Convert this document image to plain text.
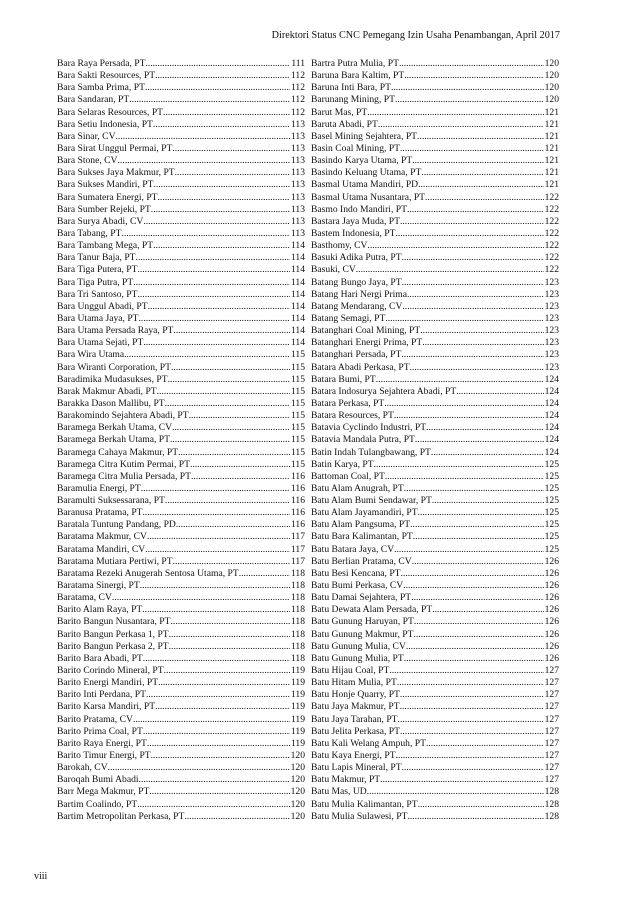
Direktori Status CNC Pemegang Izin Usaha Penambangan, April 2017
Bara Raya Persada, PT .....	111
Bara Sakti Resources, PT .....	112
Bara Samba Prima, PT .....	112
Bara Sandaran, PT .....	112
Bara Selaras Resources, PT .....	112
Bara Setiu Indonesia, PT .....	113
Bara Sinar, CV .....	113
Bara Sirat Unggul Permai, PT .....	113
Bara Stone, CV .....	113
Bara Sukses Jaya Makmur, PT .....	113
Bara Sukses Mandiri, PT .....	113
Bara Sumatera Energi, PT .....	113
Bara Sumber Rejeki, PT .....	113
Bara Surya Abadi, CV .....	113
Bara Tabang, PT .....	113
Bara Tambang Mega, PT .....	114
Bara Tanur Baja, PT .....	114
Bara Tiga Putera, PT .....	114
Bara Tiga Putra, PT .....	114
Bara Tri Santoso, PT .....	114
Bara Unggul Abadi, PT .....	114
Bara Utama Jaya, PT .....	114
Bara Utama Persada Raya, PT .....	114
Bara Utama Sejati, PT .....	114
Bara Wira Utama .....	115
Bara Wiranti Corporation, PT .....	115
Baradimika Mudasukses, PT .....	115
Barak Makmur Abadi, PT .....	115
Barakka Dason Mallibu, PT .....	115
Barakomindo Sejahtera Abadi, PT .....	115
Baramega Berkah Utama, CV .....	115
Baramega Berkah Utama, PT .....	115
Baramega Cahaya Makmur, PT .....	115
Baramega Citra Kutim Permai, PT .....	115
Baramega Citra Mulia Persada, PT .....	116
Baramulia Energi, PT .....	116
Baramulti Suksessarana, PT .....	116
Baranusa Pratama, PT .....	116
Baratala Tuntung Pandang, PD .....	116
Baratama Makmur, CV .....	117
Baratama Mandiri, CV .....	117
Baratama Mutiara Pertiwi, PT .....	117
Baratama Rezeki Anugerah Sentosa Utama, PT .....	118
Baratama Sinergi, PT .....	118
Baratama, CV .....	118
Barito Alam Raya, PT .....	118
Barito Bangun Nusantara, PT .....	118
Barito Bangun Perkasa 1, PT .....	118
Barito Bangun Perkasa 2, PT .....	118
Barito Bara Abadi, PT .....	118
Barito Corindo Mineral, PT .....	119
Barito Energi Mandiri, PT .....	119
Barito Inti Perdana, PT .....	119
Barito Karsa Mandiri, PT .....	119
Barito Pratama, CV .....	119
Barito Prima Coal, PT .....	119
Barito Raya Energi, PT .....	119
Barito Timur Energi, PT .....	120
Barokah, CV .....	120
Baroqah Bumi Abadi .....	120
Barr Mega Makmur, PT .....	120
Bartim Coalindo, PT .....	120
Bartim Metropolitan Perkasa, PT .....	120
Bartra Putra Mulia, PT .....	120
Baruna Bara Kaltim, PT .....	120
Baruna Inti Bara, PT .....	120
Barunang Mining, PT .....	120
Barut Mas, PT .....	121
Baruta Abadi, PT .....	121
Basel Mining Sejahtera, PT .....	121
Basin Coal Mining, PT .....	121
Basindo Karya Utama, PT .....	121
Basindo Keluang Utama, PT .....	121
Basmal Utama Mandiri, PD .....	121
Basmal Utama Nusantara, PT .....	122
Basmo Indo Mandiri, PT .....	122
Bastara Jaya Muda, PT .....	122
Bastem Indonesia, PT .....	122
Basthomy, CV .....	122
Basuki Adika Putra, PT .....	122
Basuki, CV .....	122
Batang Bungo Jaya, PT .....	123
Batang Hari Nergi Prima .....	123
Batang Mendarang, CV .....	123
Batang Semagi, PT .....	123
Batanghari Coal Mining, PT .....	123
Batanghari Energi Prima, PT .....	123
Batanghari Persada, PT .....	123
Batara Abadi Perkasa, PT .....	123
Batara Bumi, PT .....	124
Batara Indosurya Sejahtera Abadi, PT .....	124
Batara Perkasa, PT .....	124
Batara Resources, PT .....	124
Batavia Cyclindo Industri, PT .....	124
Batavia Mandala Putra, PT .....	124
Batin Indah Tulangbawang, PT .....	124
Batin Karya, PT .....	125
Battoman Coal, PT .....	125
Batu Alam Anugrah, PT .....	125
Batu Alam Bumi Sendawar, PT .....	125
Batu Alam Jayamandiri, PT .....	125
Batu Alam Pangsuma, PT .....	125
Batu Bara Kalimantan, PT .....	125
Batu Batara Jaya, CV .....	125
Batu Berlian Pratama, CV .....	126
Batu Besi Kencana, PT .....	126
Batu Bumi Perkasa, CV .....	126
Batu Damai Sejahtera, PT .....	126
Batu Dewata Alam Persada, PT .....	126
Batu Gunung Haruyan, PT .....	126
Batu Gunung Makmur, PT .....	126
Batu Gunung Mulia, CV .....	126
Batu Gunung Mulia, PT .....	126
Batu Hijau Coal, PT .....	127
Batu Hitam Mulia, PT .....	127
Batu Honje Quarry, PT .....	127
Batu Jaya Makmur, PT .....	127
Batu Jaya Tarahan, PT .....	127
Batu Jelita Perkasa, PT .....	127
Batu Kali Welang Ampuh, PT .....	127
Batu Kaya Energi, PT .....	127
Batu Lapis Mineral, PT .....	127
Batu Makmur, PT .....	127
Batu Mas, UD .....	128
Batu Mulia Kalimantan, PT .....	128
Batu Mulia Sulawesi, PT .....	128
viii
